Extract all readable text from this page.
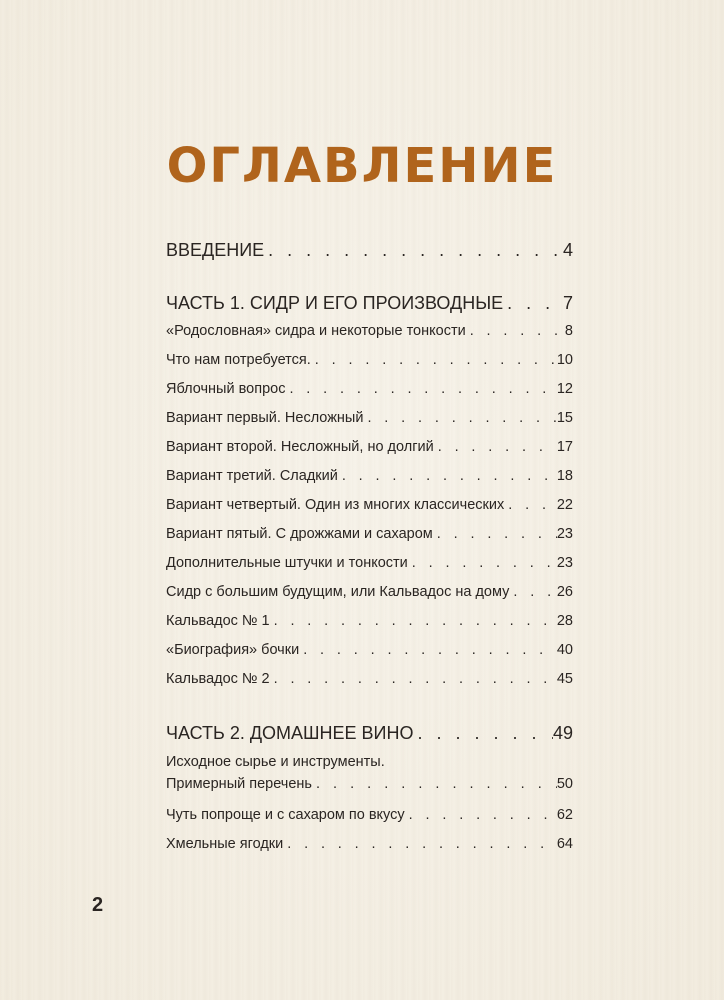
ОГЛАВЛЕНИЕ
ВВЕДЕНИЕ . . .	4
ЧАСТЬ 1. СИДР И ЕГО ПРОИЗВОДНЫЕ . . .	7
«Родословная» сидра и некоторые тонкости . . .	8
Что нам потребуется. . . .	10
Яблочный вопрос . . .	12
Вариант первый. Несложный . . .	15
Вариант второй. Несложный, но долгий . . .	17
Вариант третий. Сладкий . . .	18
Вариант четвертый. Один из многих классических . . .	22
Вариант пятый. С дрожжами и сахаром . . .	23
Дополнительные штучки и тонкости . . .	23
Сидр с большим будущим, или Кальвадос на дому . . .	26
Кальвадос № 1 . . .	28
«Биография» бочки . . .	40
Кальвадос № 2 . . .	45
ЧАСТЬ 2. ДОМАШНЕЕ ВИНО . . .	49
Исходное сырье и инструменты.
Примерный перечень . . .	50
Чуть попроще и с сахаром по вкусу . . .	62
Хмельные ягодки . . .	64
2
